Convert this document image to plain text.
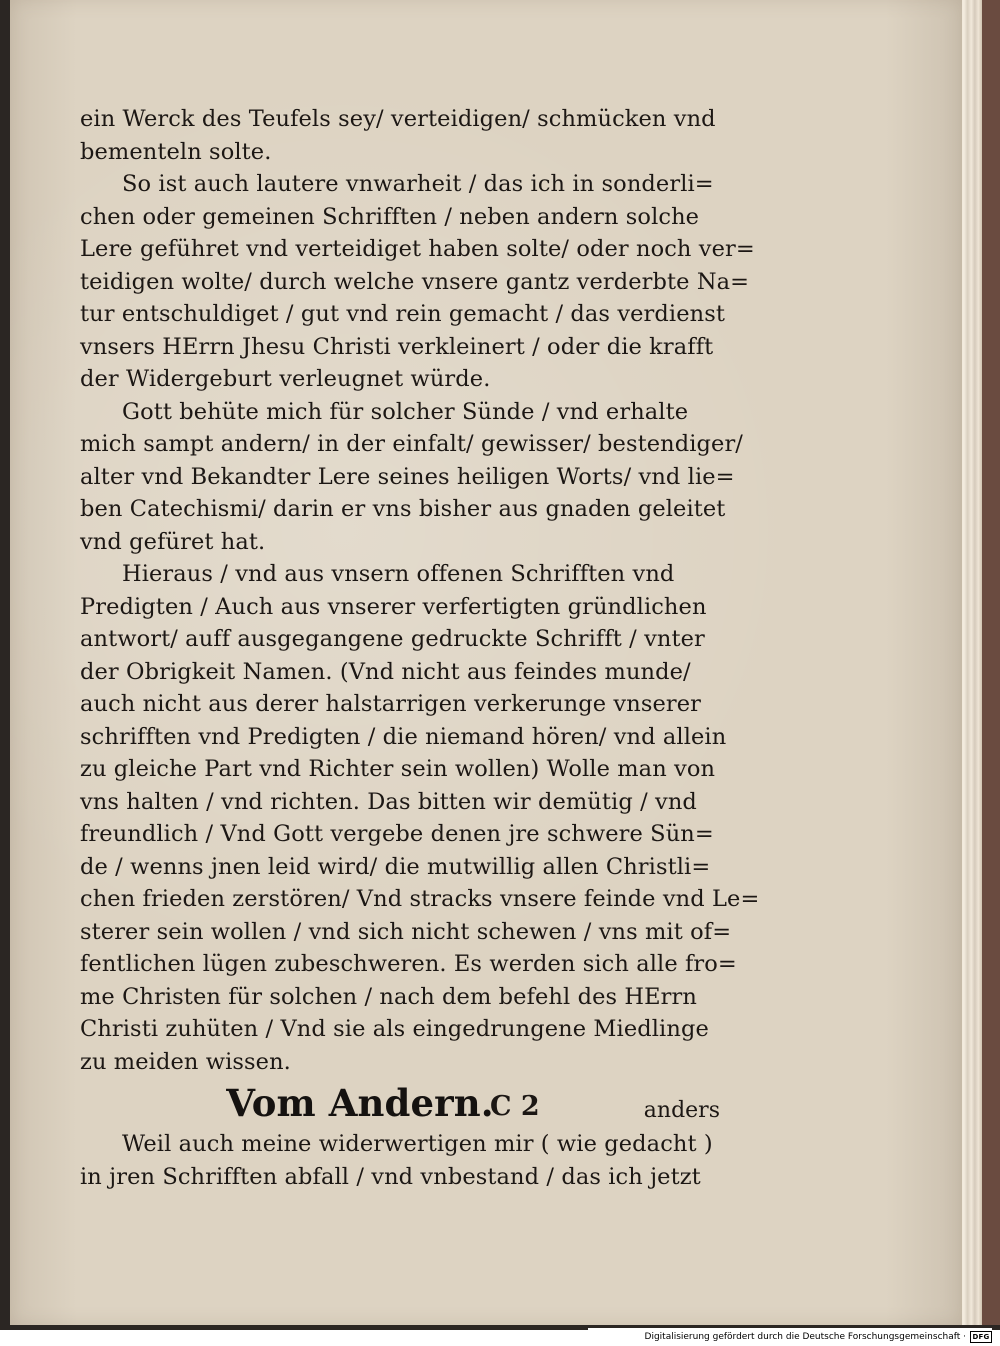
ein Werck des Teufels sey/ verteidigen/ schmücken vnd
bementeln solte.
So ist auch lautere vnwarheit / das ich in sonderli=
chen oder gemeinen Schrifften / neben andern solche
Lere geführet vnd verteidiget haben solte/ oder noch ver=
teidigen wolte/ durch welche vnsere gantz verderbte Na=
tur entschuldiget / gut vnd rein gemacht / das verdienst
vnsers HErrn Jhesu Christi verkleinert / oder die krafft
der Widergeburt verleugnet würde.
Gott behüte mich für solcher Sünde / vnd erhalte
mich sampt andern/ in der einfalt/ gewisser/ bestendiger/
alter vnd Bekandter Lere seines heiligen Worts/ vnd lie=
ben Catechismi/ darin er vns bisher aus gnaden geleitet
vnd gefüret hat.
Hieraus / vnd aus vnsern offenen Schrifften vnd
Predigten / Auch aus vnserer verfertigten gründlichen
antwort/ auff ausgegangene gedruckte Schrifft / vnter
der Obrigkeit Namen. (Vnd nicht aus feindes munde/
auch nicht aus derer halstarrigen verkerunge vnserer
schrifften vnd Predigten / die niemand hören/ vnd allein
zu gleiche Part vnd Richter sein wollen) Wolle man von
vns halten / vnd richten. Das bitten wir demütig / vnd
freundlich / Vnd Gott vergebe denen jre schwere Sün=
de / wenns jnen leid wird/ die mutwillig allen Christli=
chen frieden zerstören/ Vnd stracks vnsere feinde vnd Le=
sterer sein wollen / vnd sich nicht schewen / vns mit of=
fentlichen lügen zubeschweren. Es werden sich alle fro=
me Christen für solchen / nach dem befehl des HErrn
Christi zuhüten / Vnd sie als eingedrungene Miedlinge
zu meiden wissen.
Vom Andern.
Weil auch meine widerwertigen mir ( wie gedacht )
in jren Schrifften abfall / vnd vnbestand / das ich jetzt
C 2	anders
Digitalisierung gefördert durch die Deutsche Forschungsgemeinschaft · DFG
